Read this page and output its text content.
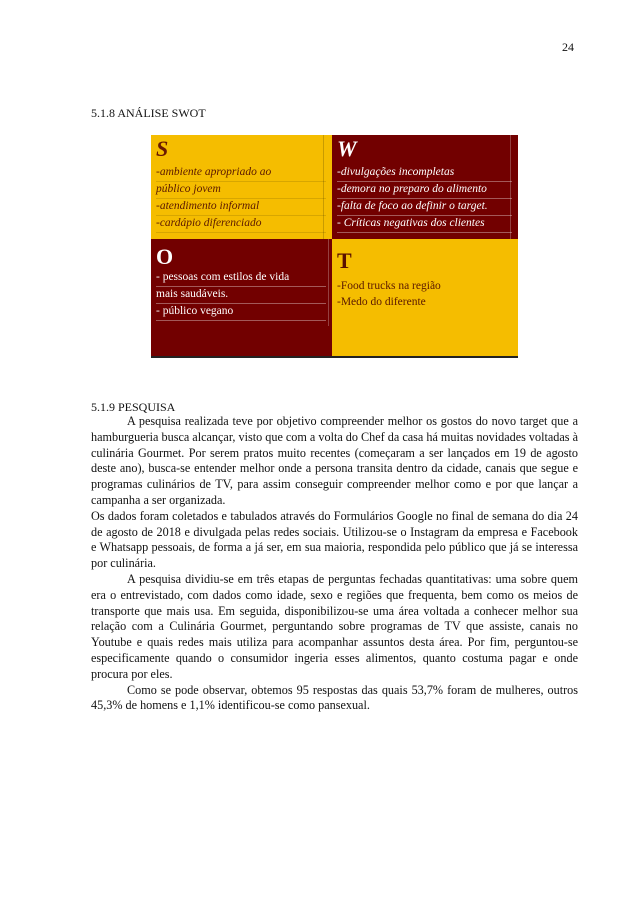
24
5.1.8 ANÁLISE SWOT
S
-ambiente apropriado ao
público jovem
-atendimento informal
-cardápio diferenciado
W
-divulgações incompletas
-demora no preparo do alimento
-falta de foco ao definir o target.
- Críticas negativas dos clientes
O
- pessoas com estilos de vida
mais saudáveis.
- público vegano
T
-Food trucks na região
-Medo do diferente
5.1.9 PESQUISA

A pesquisa realizada teve por objetivo compreender melhor os gostos do novo target que a hamburgueria busca alcançar, visto que com a volta do Chef da casa há muitas novidades voltadas à culinária Gourmet. Por serem pratos muito recentes (começaram a ser lançados em 19 de agosto deste ano), busca-se entender melhor onde a persona transita dentro da cidade, canais que segue e programas culinários de TV, para assim conseguir compreender melhor como e por que lançar a campanha a ser organizada.

Os dados foram coletados e tabulados através do Formulários Google no final de semana do dia 24 de agosto de 2018 e divulgada pelas redes sociais. Utilizou-se o Instagram da empresa e Facebook e Whatsapp pessoais, de forma a já ser, em sua maioria, respondida pelo público que já se interessa por culinária.

A pesquisa dividiu-se em três etapas de perguntas fechadas quantitativas: uma sobre quem era o entrevistado, com dados como idade, sexo e regiões que frequenta, bem como os meios de transporte que mais usa. Em seguida, disponibilizou-se uma área voltada a conhecer melhor sua relação com a Culinária Gourmet, perguntando sobre programas de TV que assiste, canais no Youtube e quais redes mais utiliza para acompanhar assuntos desta área. Por fim, perguntou-se especificamente quando o consumidor ingeria esses alimentos, quanto costuma pagar e onde procura por eles.

Como se pode observar, obtemos 95 respostas das quais 53,7% foram de mulheres, outros 45,3% de homens e 1,1% identificou-se como pansexual.
